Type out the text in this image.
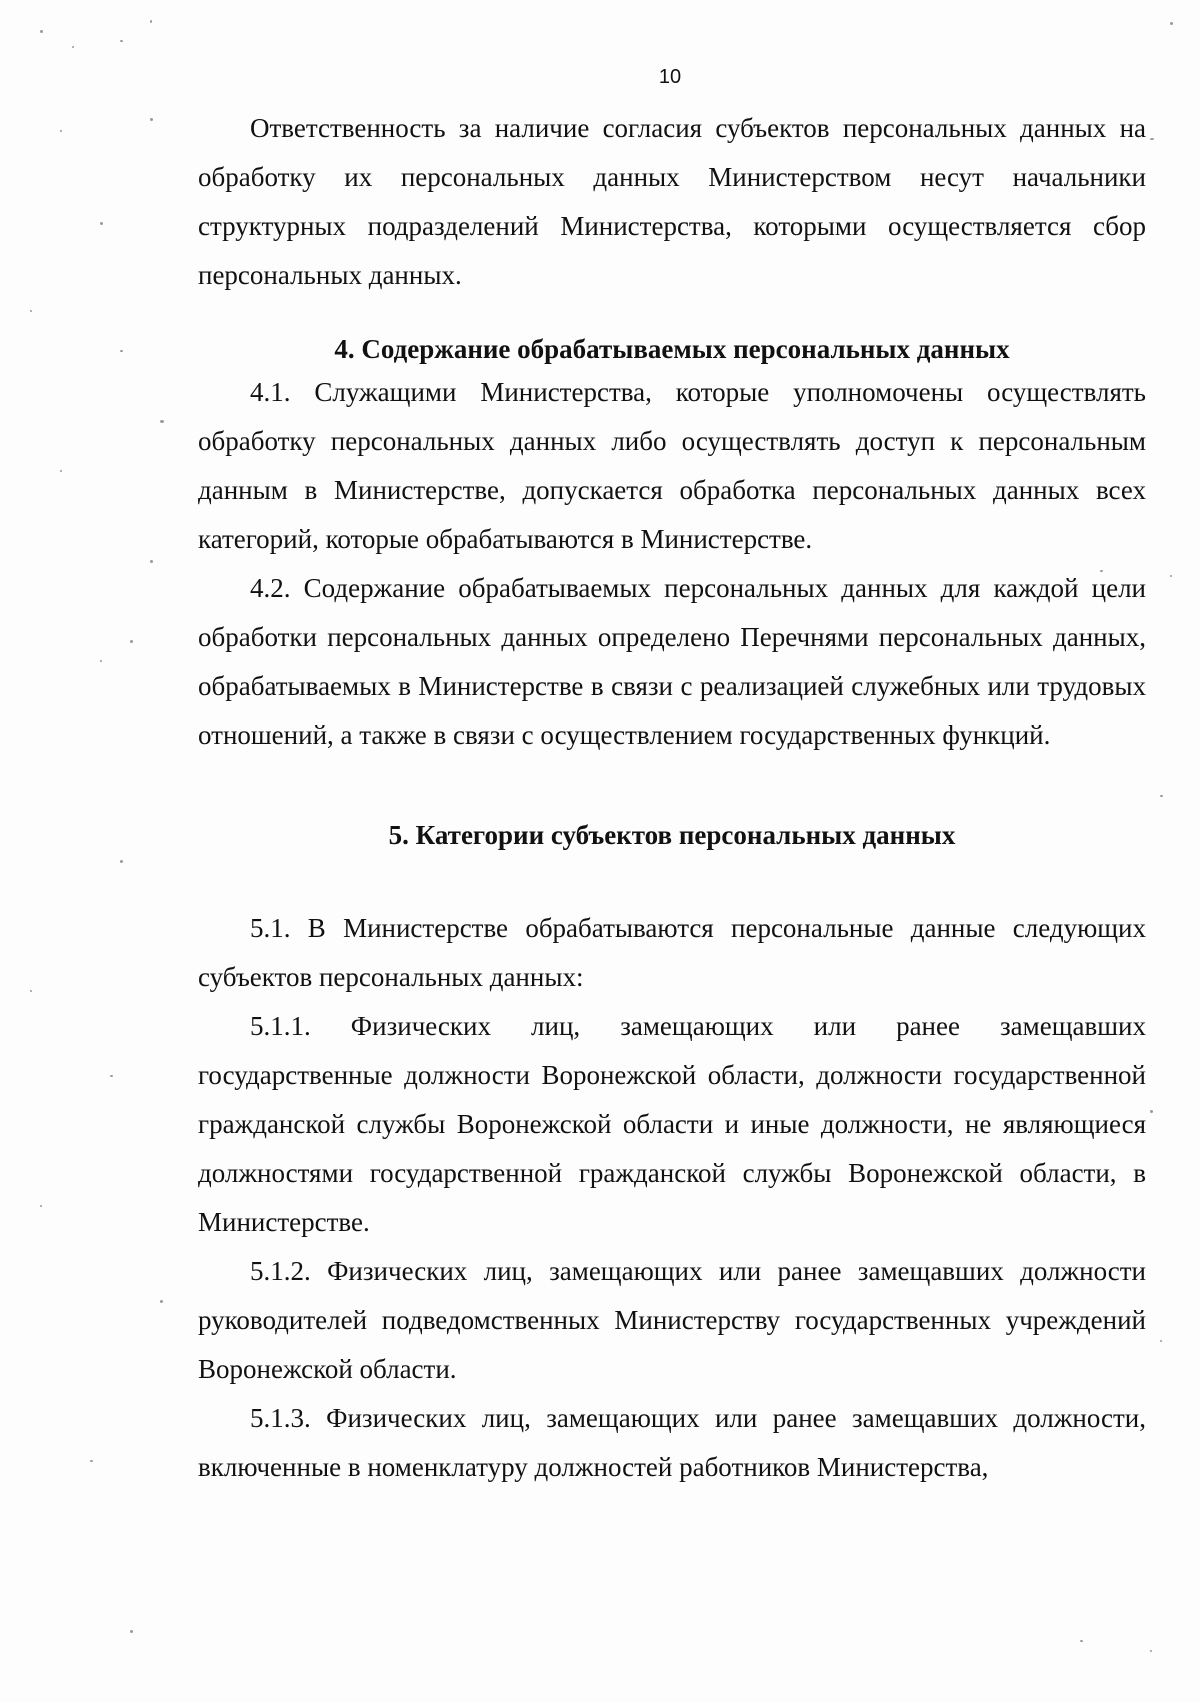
10

Ответственность за наличие согласия субъектов персональных данных на обработку их персональных данных Министерством несут начальники структурных подразделений Министерства, которыми осуществляется сбор персональных данных.

4. Содержание обрабатываемых персональных данных

4.1. Служащими Министерства, которые уполномочены осуществлять обработку персональных данных либо осуществлять доступ к персональным данным в Министерстве, допускается обработка персональных данных всех категорий, которые обрабатываются в Министерстве.

4.2. Содержание обрабатываемых персональных данных для каждой цели обработки персональных данных определено Перечнями персональных данных, обрабатываемых в Министерстве в связи с реализацией служебных или трудовых отношений, а также в связи с осуществлением государственных функций.

5. Категории субъектов персональных данных

5.1. В Министерстве обрабатываются персональные данные следующих субъектов персональных данных:

5.1.1. Физических лиц, замещающих или ранее замещавших государственные должности Воронежской области, должности государственной гражданской службы Воронежской области и иные должности, не являющиеся должностями государственной гражданской службы Воронежской области, в Министерстве.

5.1.2. Физических лиц, замещающих или ранее замещавших должности руководителей подведомственных Министерству государственных учреждений Воронежской области.

5.1.3. Физических лиц, замещающих или ранее замещавших должности, включенные в номенклатуру должностей работников Министерства,
